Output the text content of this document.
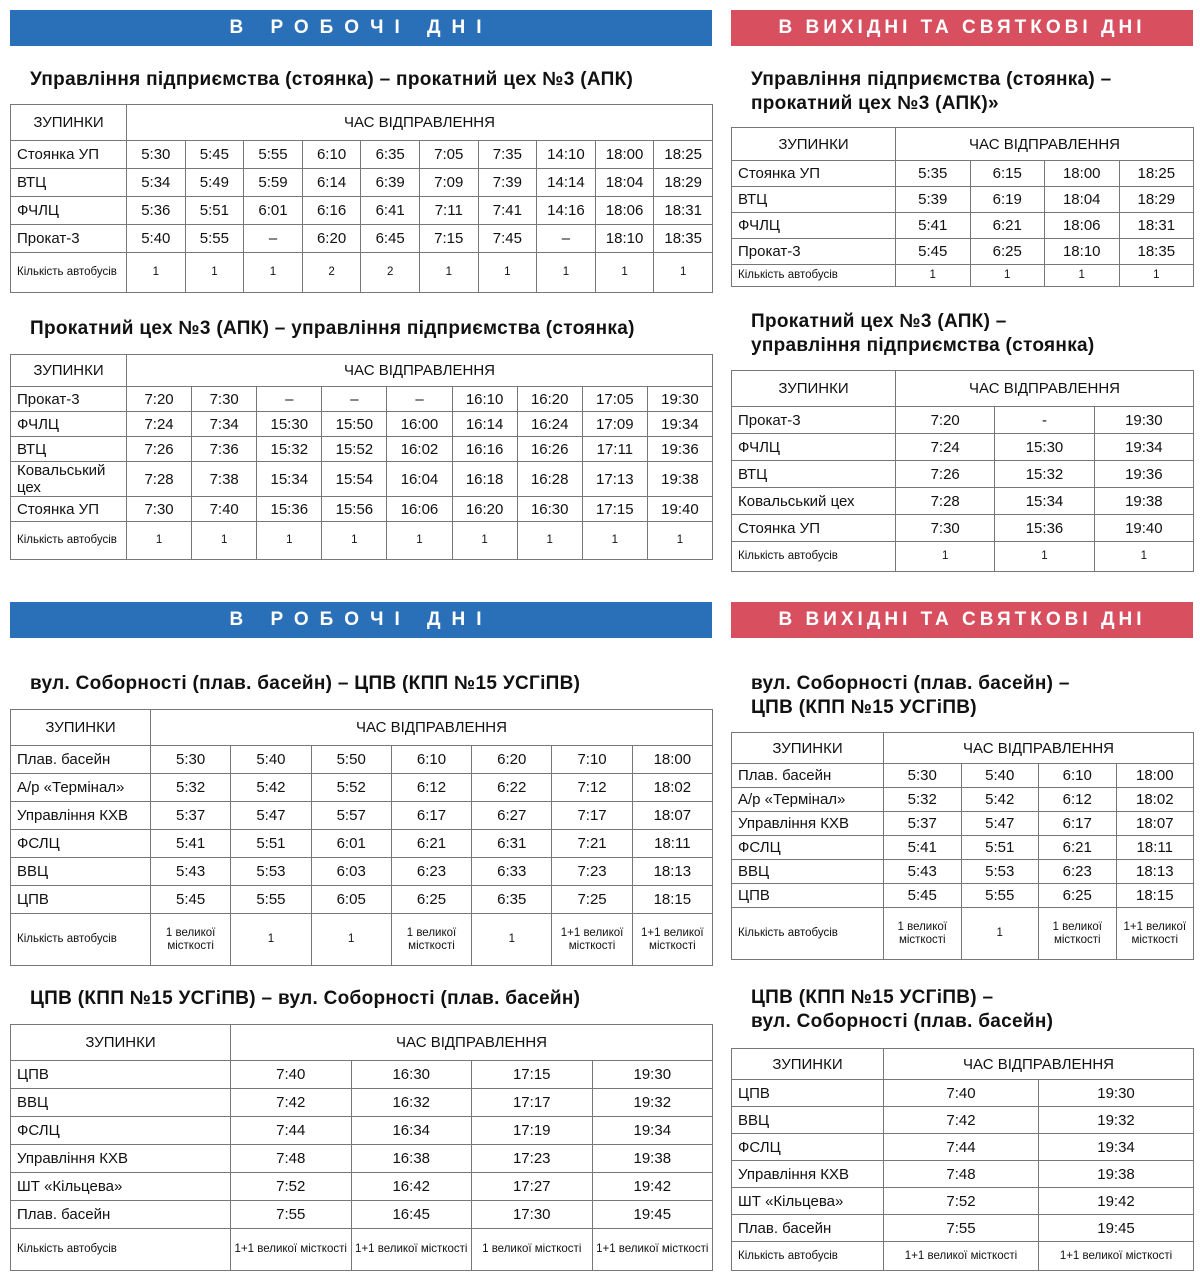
В РОБОЧІ ДНІ	В ВИХІДНІ ТА СВЯТКОВІ ДНІ
В РОБОЧІ ДНІ	В ВИХІДНІ ТА СВЯТКОВІ ДНІ
Управління підприємства (стоянка) – прокатний цех №3 (АПК)
Прокатний цех №3 (АПК) – управління підприємства (стоянка)
Управління підприємства (стоянка) –
прокатний цех №3 (АПК)»
Прокатний цех №3 (АПК) –
управління підприємства (стоянка)
вул. Соборності (плав. басейн) – ЦПВ (КПП №15 УСГіПВ)
ЦПВ (КПП №15 УСГіПВ) – вул. Соборності (плав. басейн)
вул. Соборності (плав. басейн) –
ЦПВ (КПП №15 УСГіПВ)
ЦПВ (КПП №15 УСГіПВ) –
вул. Соборності (плав. басейн)
ЗУПИНКИ	ЧАС ВІДПРАВЛЕННЯ									
Стоянка УП	5:30	5:45	5:55	6:10	6:35	7:05	7:35	14:10	18:00	18:25
ВТЦ	5:34	5:49	5:59	6:14	6:39	7:09	7:39	14:14	18:04	18:29
ФЧЛЦ	5:36	5:51	6:01	6:16	6:41	7:11	7:41	14:16	18:06	18:31
Прокат-3	5:40	5:55	–	6:20	6:45	7:15	7:45	–	18:10	18:35
Кількість автобусів	1	1	1	2	2	1	1	1	1	1
ЗУПИНКИ	ЧАС ВІДПРАВЛЕННЯ								
Прокат-3	7:20	7:30	–	–	–	16:10	16:20	17:05	19:30
ФЧЛЦ	7:24	7:34	15:30	15:50	16:00	16:14	16:24	17:09	19:34
ВТЦ	7:26	7:36	15:32	15:52	16:02	16:16	16:26	17:11	19:36
Ковальський цех	7:28	7:38	15:34	15:54	16:04	16:18	16:28	17:13	19:38
Стоянка УП	7:30	7:40	15:36	15:56	16:06	16:20	16:30	17:15	19:40
Кількість автобусів	1	1	1	1	1	1	1	1	1
ЗУПИНКИ	ЧАС ВІДПРАВЛЕННЯ			
Стоянка УП	5:35	6:15	18:00	18:25
ВТЦ	5:39	6:19	18:04	18:29
ФЧЛЦ	5:41	6:21	18:06	18:31
Прокат-3	5:45	6:25	18:10	18:35
Кількість автобусів	1	1	1	1
ЗУПИНКИ	ЧАС ВІДПРАВЛЕННЯ		
Прокат-3	7:20	-	19:30
ФЧЛЦ	7:24	15:30	19:34
ВТЦ	7:26	15:32	19:36
Ковальський цех	7:28	15:34	19:38
Стоянка УП	7:30	15:36	19:40
Кількість автобусів	1	1	1
ЗУПИНКИ	ЧАС ВІДПРАВЛЕННЯ						
Плав. басейн	5:30	5:40	5:50	6:10	6:20	7:10	18:00
А/р «Термінал»	5:32	5:42	5:52	6:12	6:22	7:12	18:02
Управління КХВ	5:37	5:47	5:57	6:17	6:27	7:17	18:07
ФСЛЦ	5:41	5:51	6:01	6:21	6:31	7:21	18:11
ВВЦ	5:43	5:53	6:03	6:23	6:33	7:23	18:13
ЦПВ	5:45	5:55	6:05	6:25	6:35	7:25	18:15
Кількість автобусів	1 великої місткості	1	1	1 великої місткості	1	1+1 великої місткості	1+1 великої місткості
ЗУПИНКИ	ЧАС ВІДПРАВЛЕННЯ			
ЦПВ	7:40	16:30	17:15	19:30
ВВЦ	7:42	16:32	17:17	19:32
ФСЛЦ	7:44	16:34	17:19	19:34
Управління КХВ	7:48	16:38	17:23	19:38
ШТ «Кільцева»	7:52	16:42	17:27	19:42
Плав. басейн	7:55	16:45	17:30	19:45
Кількість автобусів	1+1 великої місткості	1+1 великої місткості	1 великої місткості	1+1 великої місткості
ЗУПИНКИ	ЧАС ВІДПРАВЛЕННЯ			
Плав. басейн	5:30	5:40	6:10	18:00
А/р «Термінал»	5:32	5:42	6:12	18:02
Управління КХВ	5:37	5:47	6:17	18:07
ФСЛЦ	5:41	5:51	6:21	18:11
ВВЦ	5:43	5:53	6:23	18:13
ЦПВ	5:45	5:55	6:25	18:15
Кількість автобусів	1 великої місткості	1	1 великої місткості	1+1 великої місткості
ЗУПИНКИ	ЧАС ВІДПРАВЛЕННЯ	
ЦПВ	7:40	19:30
ВВЦ	7:42	19:32
ФСЛЦ	7:44	19:34
Управління КХВ	7:48	19:38
ШТ «Кільцева»	7:52	19:42
Плав. басейн	7:55	19:45
Кількість автобусів	1+1 великої місткості	1+1 великої місткості
